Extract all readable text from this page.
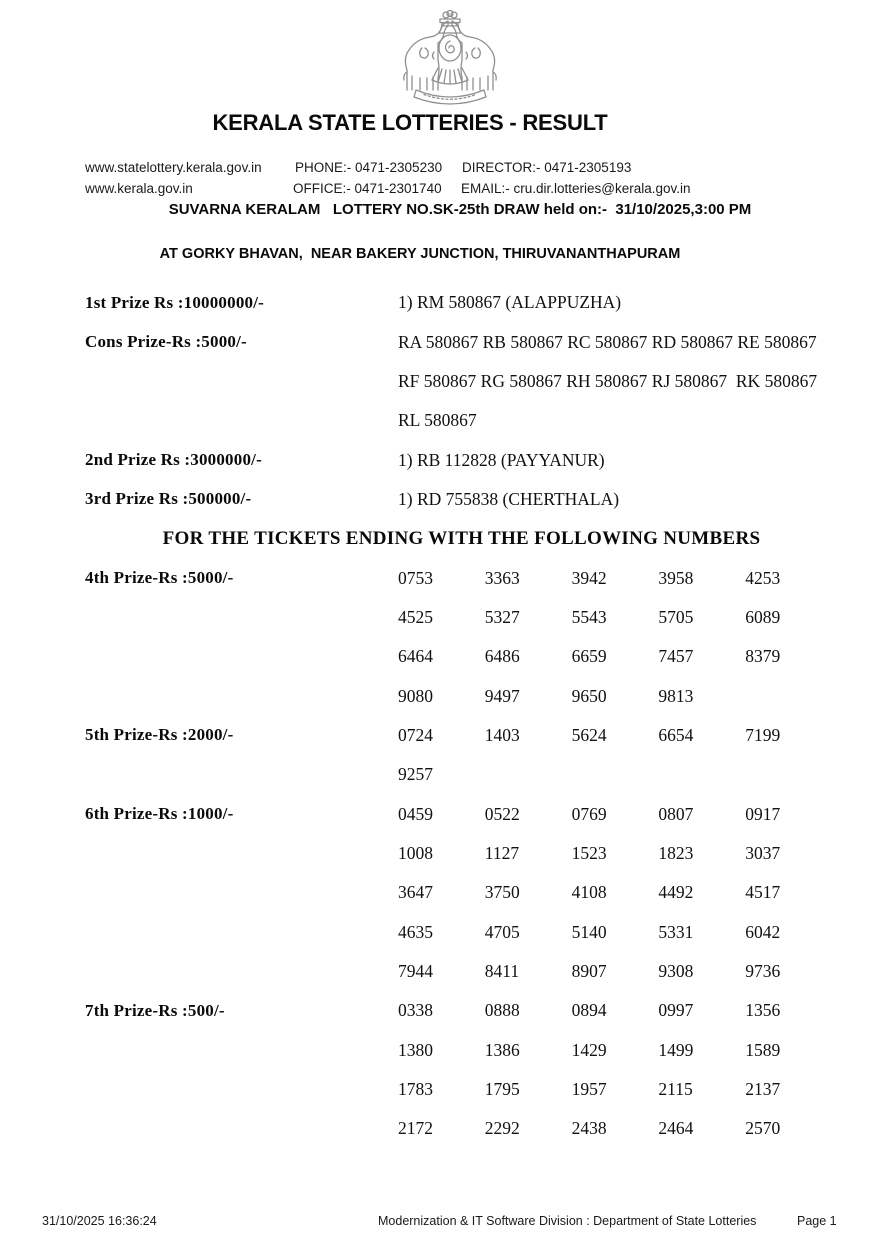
KERALA STATE LOTTERIES - RESULT
www.statelottery.kerala.gov.in PHONE:- 0471-2305230 DIRECTOR:- 0471-2305193
www.kerala.gov.in	OFFICE:- 0471-2301740 EMAIL:- cru.dir.lotteries@kerala.gov.in
SUVARNA KERALAM   LOTTERY NO.SK-25th DRAW held on:-  31/10/2025,3:00 PM
AT GORKY BHAVAN,  NEAR BAKERY JUNCTION, THIRUVANANTHAPURAM
1st Prize Rs :10000000/-	1) RM 580867 (ALAPPUZHA)
Cons Prize-Rs :5000/-	RA 580867 RB 580867 RC 580867 RD 580867 RE 580867
RF 580867 RG 580867 RH 580867 RJ 580867  RK 580867
RL 580867
2nd Prize Rs :3000000/-	1) RB 112828 (PAYYANUR)
3rd Prize Rs :500000/-	1) RD 755838 (CHERTHALA)
FOR THE TICKETS ENDING WITH THE FOLLOWING NUMBERS
4th Prize-Rs :5000/-	0753	3363	3942	3958	4253
4525	5327	5543	5705	6089
6464	6486	6659	7457	8379
9080	9497	9650	9813
5th Prize-Rs :2000/-	0724	1403	5624	6654	7199
9257
6th Prize-Rs :1000/-	0459	0522	0769	0807	0917
1008	1127	1523	1823	3037
3647	3750	4108	4492	4517
4635	4705	5140	5331	6042
7944	8411	8907	9308	9736
7th Prize-Rs :500/-	0338	0888	0894	0997	1356
1380	1386	1429	1499	1589
1783	1795	1957	2115	2137
2172	2292	2438	2464	2570
31/10/2025 16:36:24	Modernization & IT Software Division : Department of State Lotteries	Page 1
